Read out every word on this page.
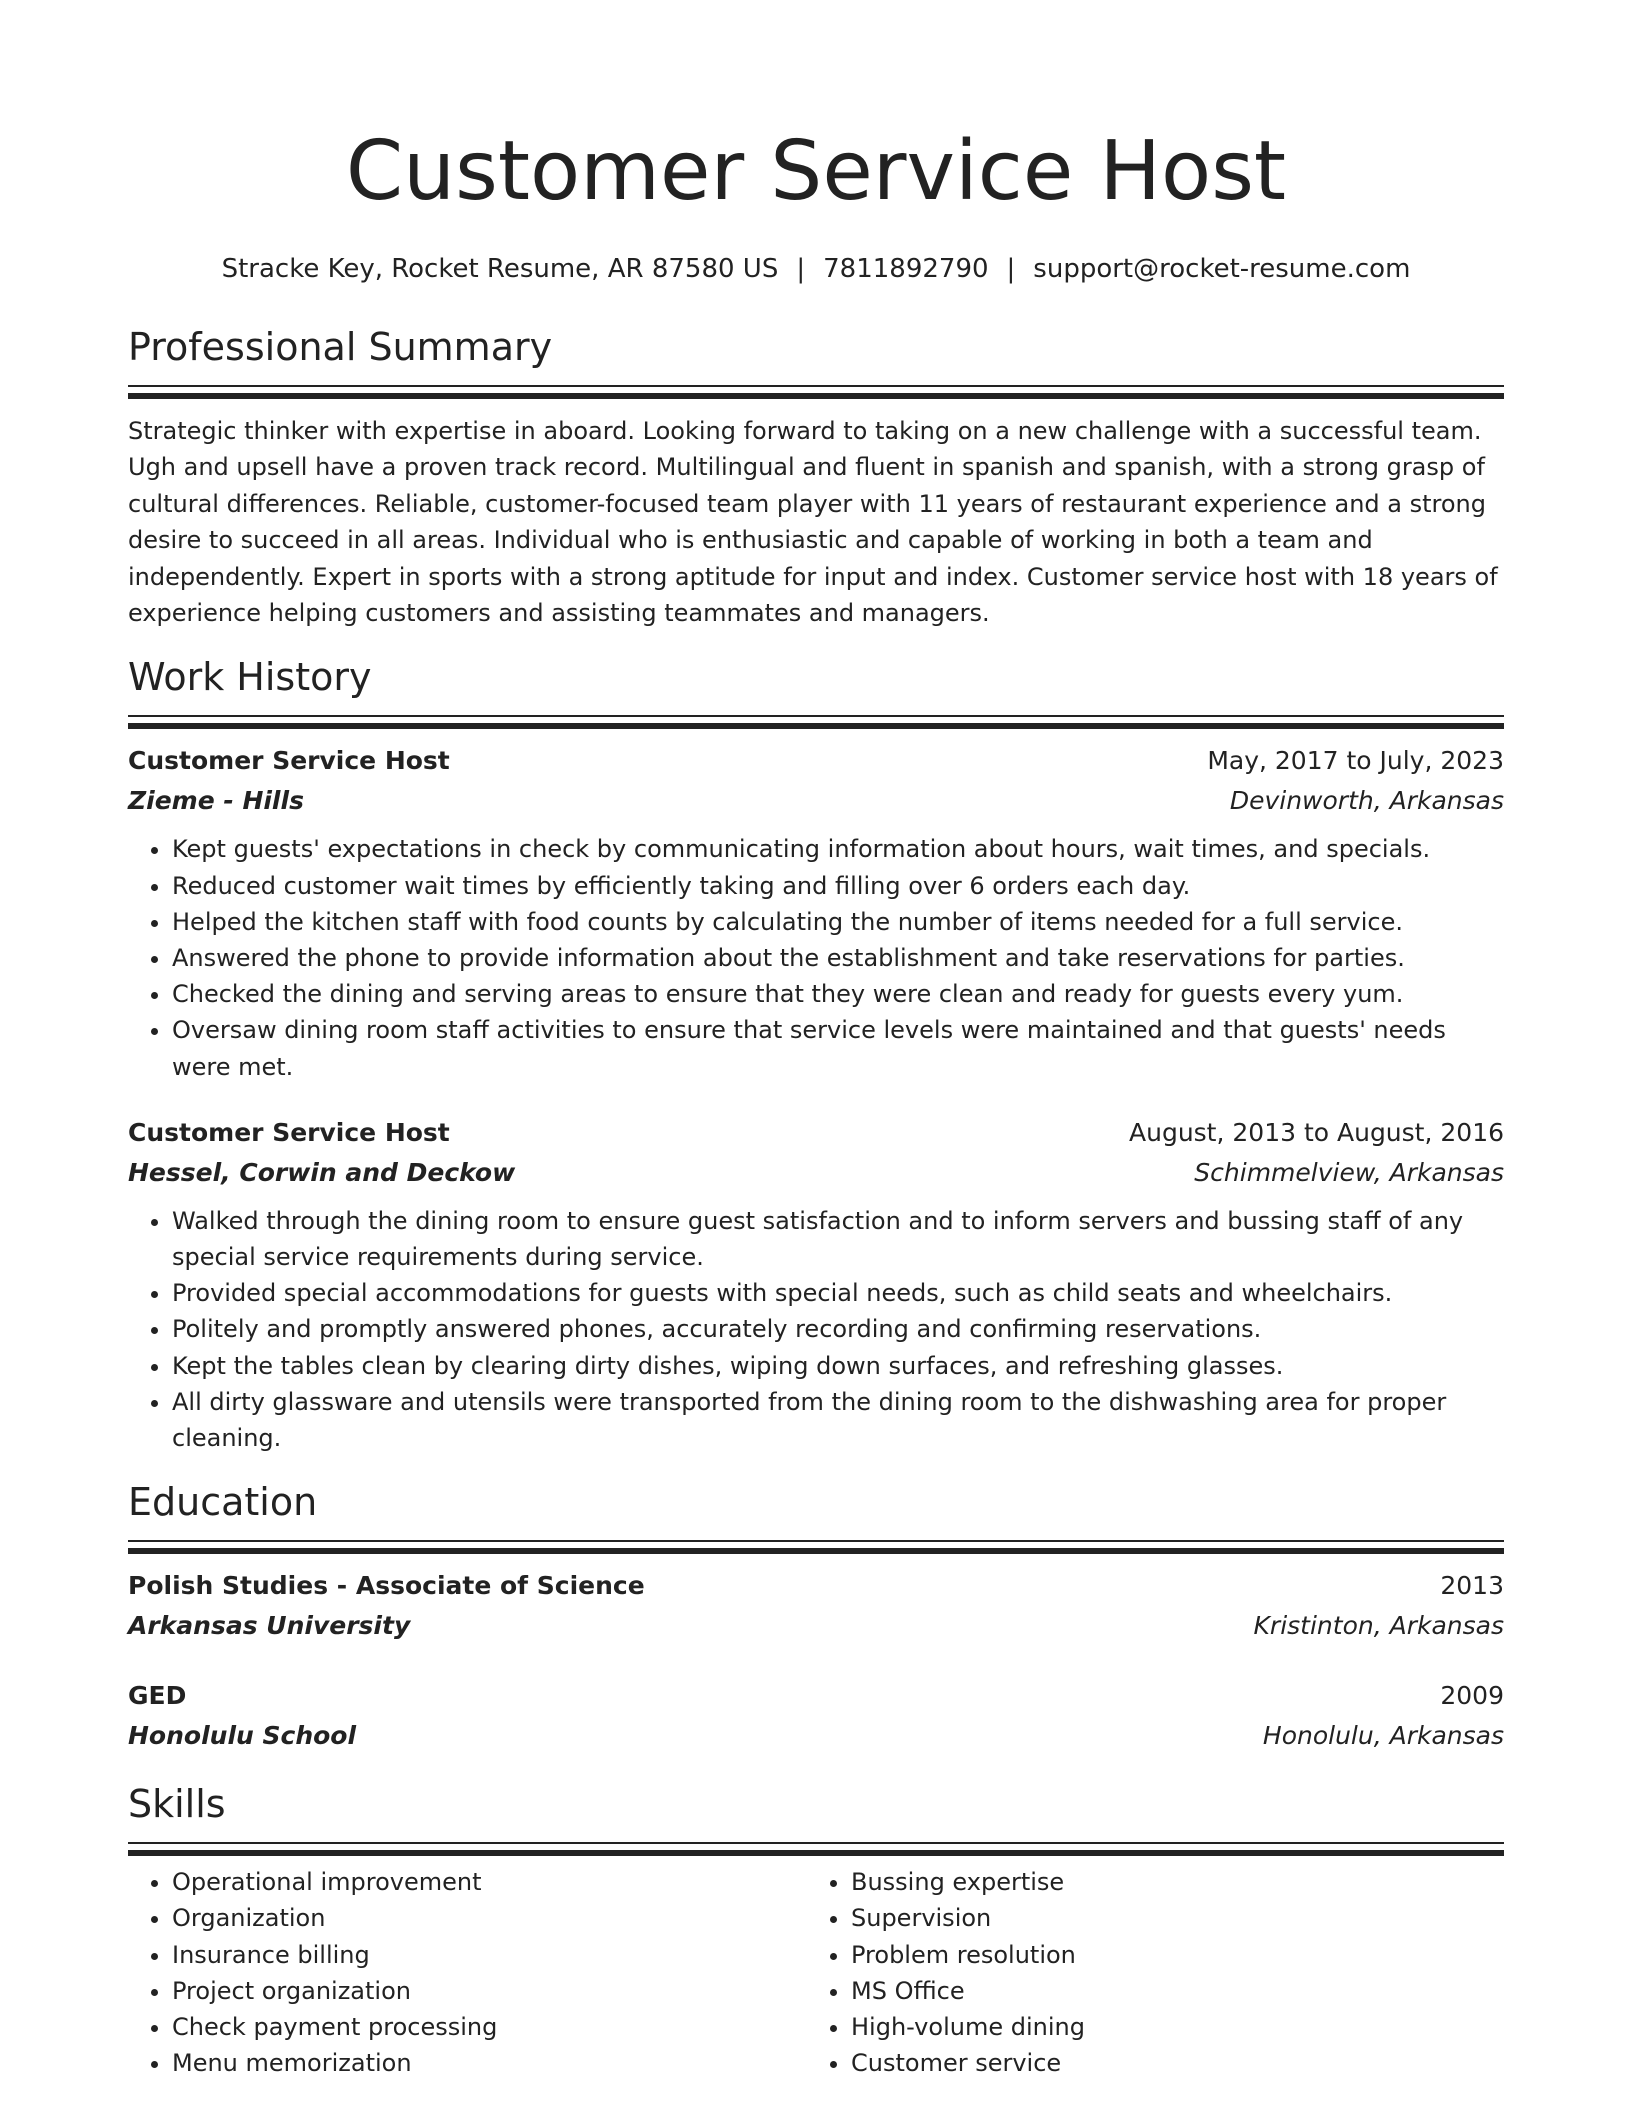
Customer Service Host
Stracke Key, Rocket Resume, AR 87580 US | 7811892790 | support@rocket-resume.com
Professional Summary

Strategic thinker with expertise in aboard. Looking forward to taking on a new challenge with a successful team. Ugh and upsell have a proven track record. Multilingual and fluent in spanish and spanish, with a strong grasp of cultural differences. Reliable, customer-focused team player with 11 years of restaurant experience and a strong desire to succeed in all areas. Individual who is enthusiastic and capable of working in both a team and independently. Expert in sports with a strong aptitude for input and index. Customer service host with 18 years of experience helping customers and assisting teammates and managers.

Work History
Customer Service Host	May, 2017 to July, 2023
Zieme - Hills	Devinworth, Arkansas
• Kept guests' expectations in check by communicating information about hours, wait times, and specials.
• Reduced customer wait times by efficiently taking and filling over 6 orders each day.
• Helped the kitchen staff with food counts by calculating the number of items needed for a full service.
• Answered the phone to provide information about the establishment and take reservations for parties.
• Checked the dining and serving areas to ensure that they were clean and ready for guests every yum.
• Oversaw dining room staff activities to ensure that service levels were maintained and that guests' needs were met.
Customer Service Host	August, 2013 to August, 2016
Hessel, Corwin and Deckow	Schimmelview, Arkansas
• Walked through the dining room to ensure guest satisfaction and to inform servers and bussing staff of any special service requirements during service.
• Provided special accommodations for guests with special needs, such as child seats and wheelchairs.
• Politely and promptly answered phones, accurately recording and confirming reservations.
• Kept the tables clean by clearing dirty dishes, wiping down surfaces, and refreshing glasses.
• All dirty glassware and utensils were transported from the dining room to the dishwashing area for proper cleaning.
Education
Polish Studies - Associate of Science	2013
Arkansas University	Kristinton, Arkansas
GED	2009
Honolulu School	Honolulu, Arkansas
Skills
• Operational improvement
• Organization
• Insurance billing
• Project organization
• Check payment processing
• Menu memorization
• Bussing expertise
• Supervision
• Problem resolution
• MS Office
• High-volume dining
• Customer service
